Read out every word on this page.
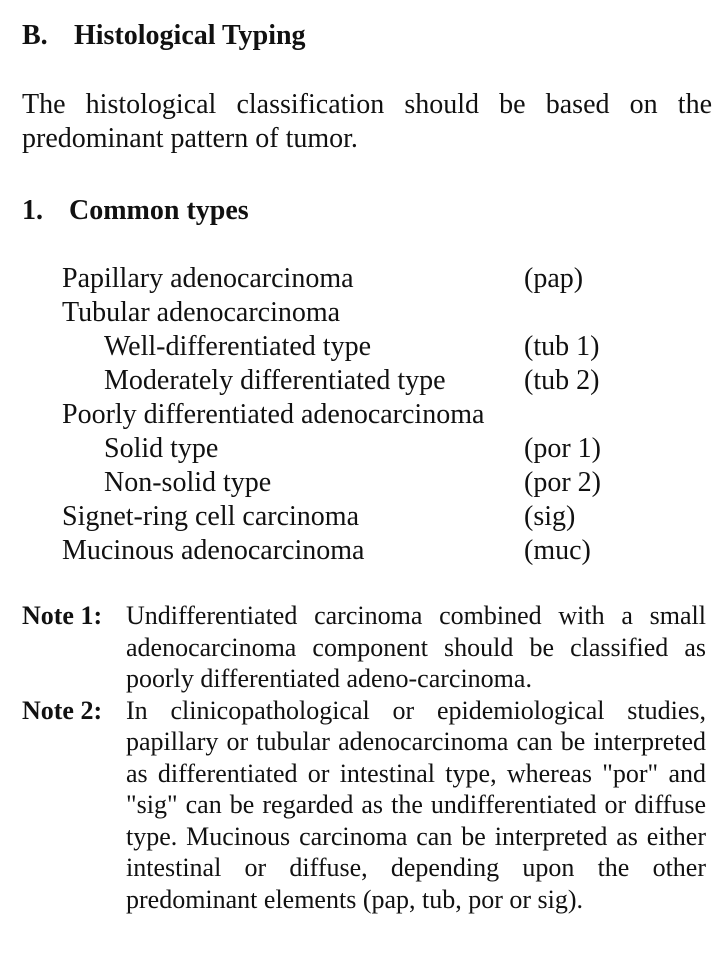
B. Histological Typing
The histological classification should be based on the predominant pattern of tumor.
1. Common types
Papillary adenocarcinoma	(pap)
Tubular adenocarcinoma
Well-differentiated type	(tub 1)
Moderately differentiated type	(tub 2)
Poorly differentiated adenocarcinoma
Solid type	(por 1)
Non-solid type	(por 2)
Signet-ring cell carcinoma	(sig)
Mucinous adenocarcinoma	(muc)
Note 1: Undifferentiated carcinoma combined with a small adenocarcinoma component should be classified as poorly differentiated adeno-carcinoma.
Note 2: In clinicopathological or epidemiological studies, papillary or tubular adenocarcinoma can be interpreted as differentiated or intestinal type, whereas "por" and "sig" can be regarded as the undifferentiated or diffuse type. Mucinous carcinoma can be interpreted as either intestinal or diffuse, depending upon the other predominant elements (pap, tub, por or sig).
